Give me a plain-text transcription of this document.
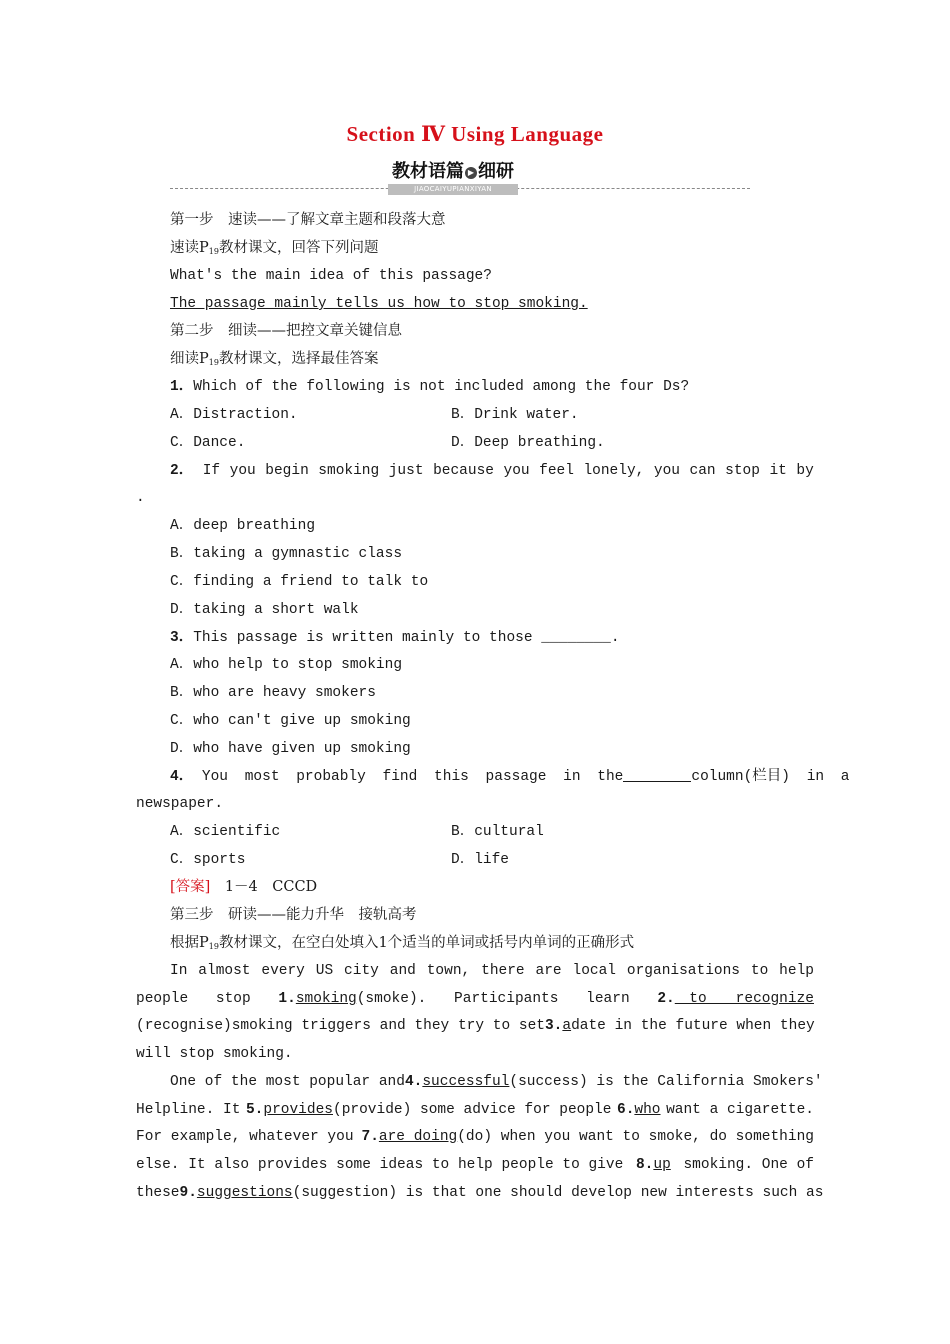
Section Ⅳ Using Language
教材语篇 ▶ 细研
JIAOCAIYUPIANXIYAN
第一步　速读——了解文章主题和段落大意
速读$P_{19}$教材课文，回答下列问题
What's the main idea of this passage?
The passage mainly tells us how to stop smoking.
第二步　细读——把控文章关键信息
细读$P_{19}$教材课文，选择最佳答案
1．Which of the following is not included among the four Ds?
A．Distraction.	B．Drink water.
C．Dance.	D．Deep breathing.
2． If you begin smoking just because you feel lonely, you can stop it by
.
A．deep breathing
B．taking a gymnastic class
C．finding a friend to talk to
D．taking a short walk
3．This passage is written mainly to those ________.
A．who help to stop smoking
B．who are heavy smokers
C．who can't give up smoking
D．who have given up smoking
4． You most probably find this passage in the	column(栏目) in a
newspaper.
A．scientific	B．cultural
C．sports	D．life
[答案]　 1－4　CCCD
第三步　研读——能力升华　接轨高考
根据$P_{19}$教材课文，在空白处填入1个适当的单词或括号内单词的正确形式
In almost every US city and town, there are local organisations to help
people stop 1.smoking(smoke). Participants learn 2.　to　　recognize
(recognise)smoking triggers and they try to set 3.a date in the future when they
will stop smoking.
One of the most popular and 4.successful(success) is the California Smokers'
Helpline. It 5.provides(provide) some advice for people 6.who want a cigarette.
For example, whatever you 7.are doing(do) when you want to smoke, do something
else. It also provides some ideas to help people to give 8.up smoking. One of
these 9.suggestions(suggestion) is that one should develop new interests such as
